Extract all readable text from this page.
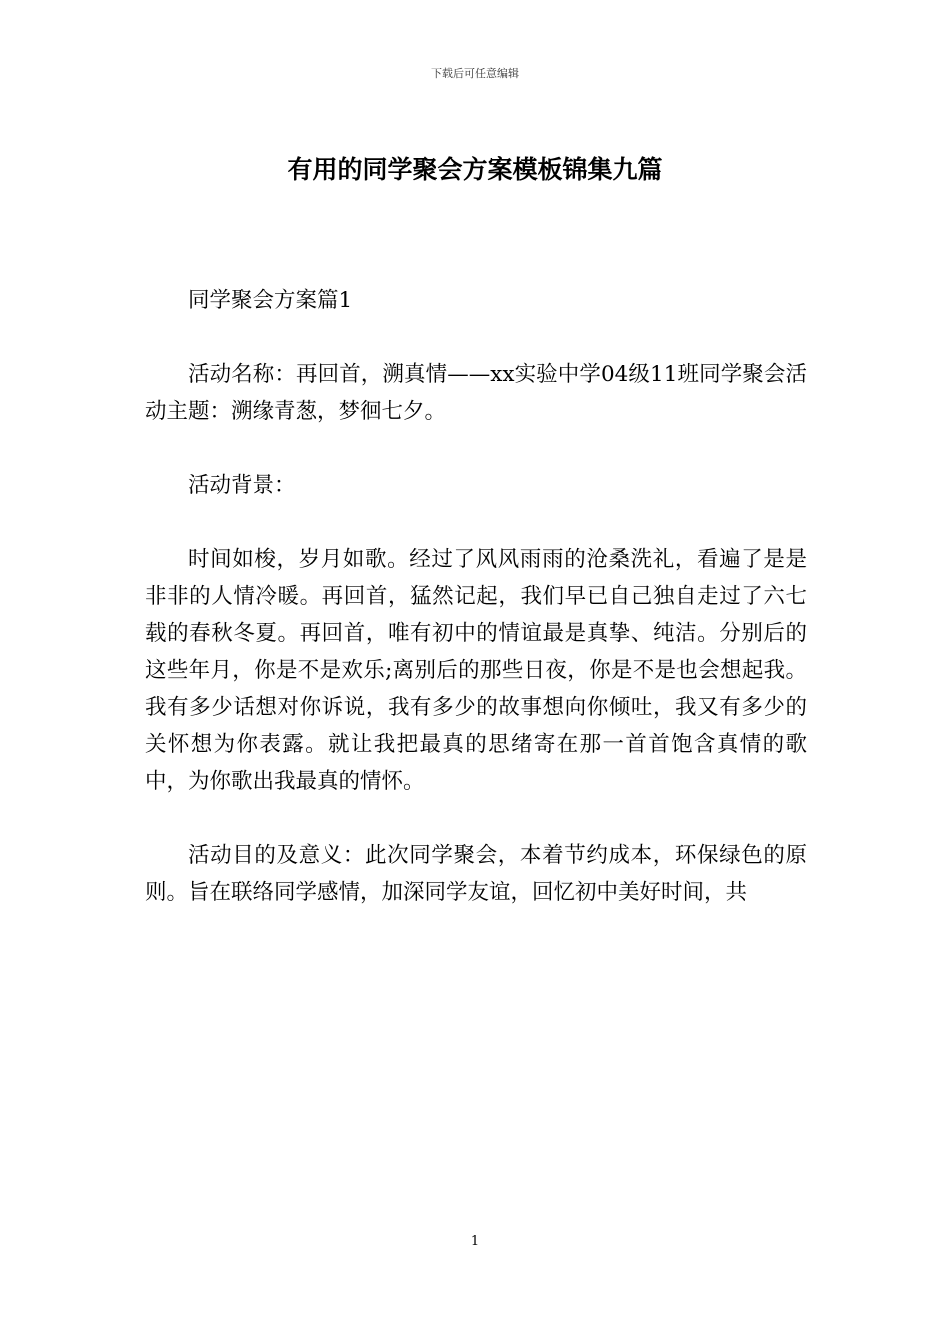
下载后可任意编辑
有用的同学聚会方案模板锦集九篇

同学聚会方案篇1

活动名称：再回首，溯真情——xx实验中学04级11班同学聚会活动主题：溯缘青葱，梦徊七夕。

活动背景：

时间如梭，岁月如歌。经过了风风雨雨的沧桑洗礼，看遍了是是非非的人情冷暖。再回首，猛然记起，我们早已自己独自走过了六七载的春秋冬夏。再回首，唯有初中的情谊最是真挚、纯洁。分别后的这些年月，你是不是欢乐;离别后的那些日夜，你是不是也会想起我。我有多少话想对你诉说，我有多少的故事想向你倾吐，我又有多少的关怀想为你表露。就让我把最真的思绪寄在那一首首饱含真情的歌中，为你歌出我最真的情怀。

活动目的及意义：此次同学聚会，本着节约成本，环保绿色的原则。旨在联络同学感情，加深同学友谊，回忆初中美好时间，共

1
